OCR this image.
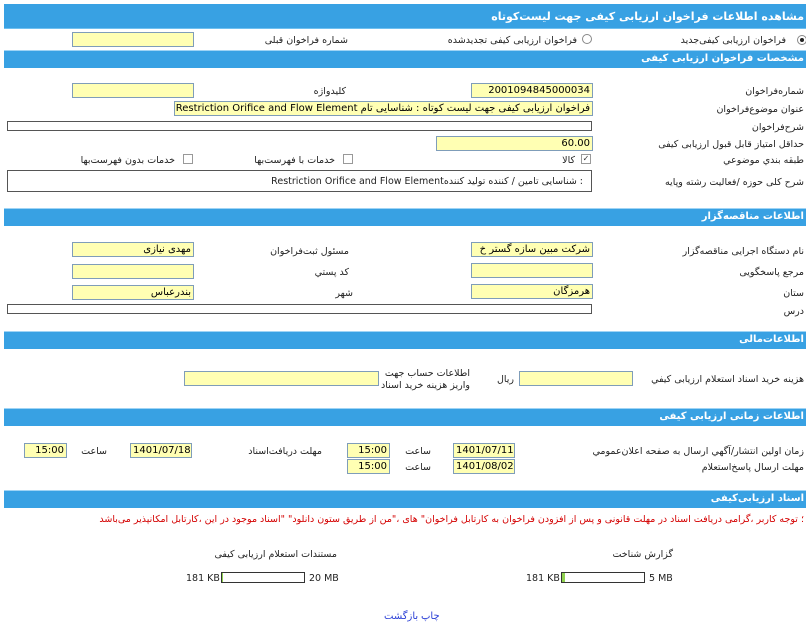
مشاهده اطلاعات فراخوان ارزیابی کیفی جهت لیست‌کوتاه
فراخوان ارزیابی کیفی‌جدید
فراخوان ارزیابی کیفی تجدیدشده
شماره فراخوان قبلی
مشخصات فراخوان ارزیابی کیفی
شماره‌فراخوان
2001094845000034
کلیدواژه
عنوان موضوع‌فراخوان
فراخوان ارزیابی کیفی جهت لیست کوتاه : شناسایی تام Restriction Orifice and Flow Element
شرح‌فراخوان
حداقل امتیاز قابل قبول ارزیابی کیفی
60.00
طبقه بندي موضوعي
✓
کالا
خدمات با فهرست‌بها
خدمات بدون فهرست‌بها
شرح کلی حوزه /فعالیت رشته وپایه
: شناسایی تامین / کننده تولید کنندهRestriction Orifice and Flow Element
اطلاعات مناقصه‌گزار
نام دستگاه اجرایی مناقصه‌گزار
شرکت مبین سازه گستر خ
مسئول ثبت‌فراخوان
مهدی نیازی
مرجع پاسخگویی
کد پستي
ستان
هرمزگان
شهر
بندرعباس
درس
اطلاعات‌مالی
هزینه خرید اسناد استعلام ارزیابی کیفي
ریال
اطلاعات حساب جهت
واریز هزینه خرید اسناد
اطلاعات زمانی ارزیابی کیفی
زمان اولین انتشار/آگهي ارسال به صفحه اعلان‌عمومي
1401/07/11
ساعت
15:00
مهلت دریافت‌اسناد
1401/07/18
ساعت
15:00
مهلت ارسال پاسخ‌استعلام
1401/08/02
ساعت
15:00
اسناد ارزیابی‌کیفی
؛ توجه کاربر ،گرامی دریافت اسناد در مهلت قانونی و پس از افزودن فراخوان به کارتابل فراخوان" های ،"من از طریق ستون دانلود" "اسناد موجود در این ،کارتابل امکانپذیر می‌باشد
گزارش شناخت
181 KB	5 MB
مستندات استعلام ارزیابی کیفی
181 KB	20 MB
بازگشت چاپ
